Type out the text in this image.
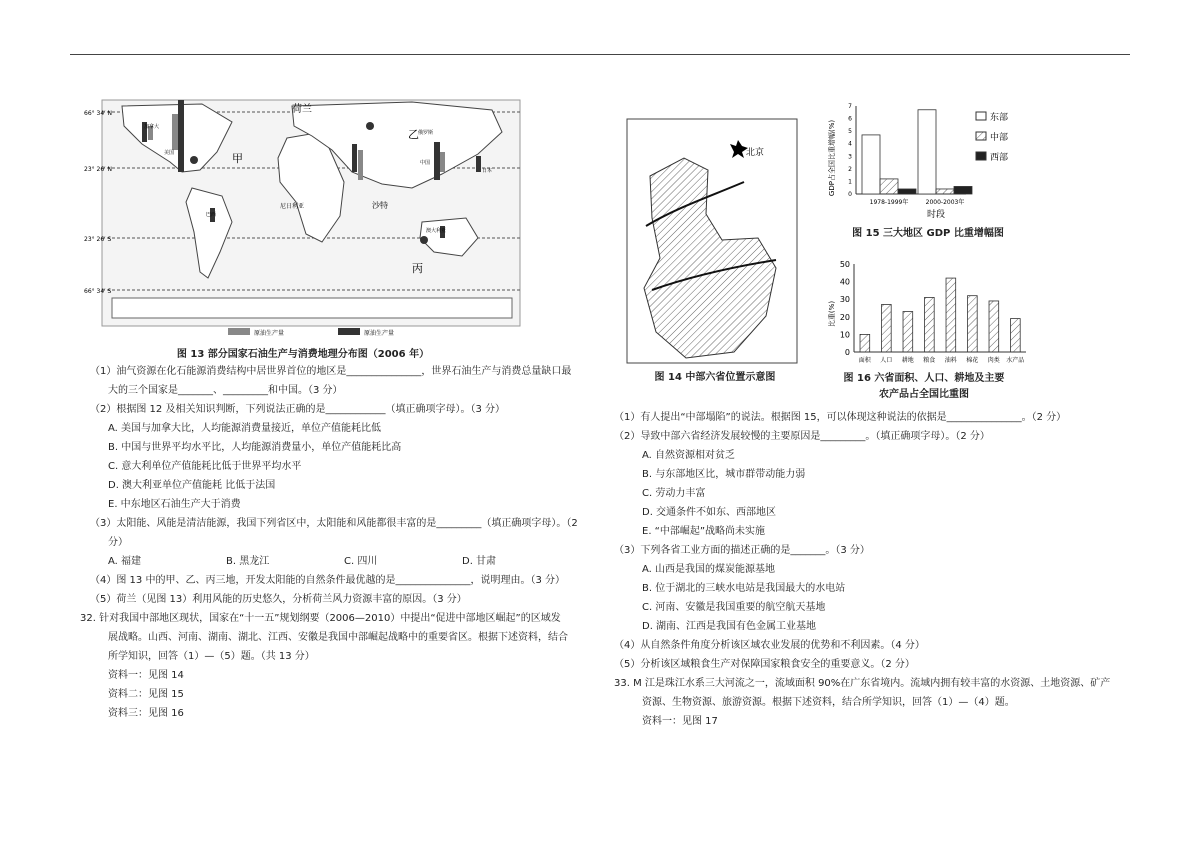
66° 34′ N
23° 26′ N
23° 26′ S
66° 34′ S
荷兰
乙
甲
沙特
丙
加拿大
美国
俄罗斯
中国
日本
巴西
澳大利亚
尼日利亚
原油生产量	原油生产量
图 13 部分国家石油生产与消费地理分布图（2006 年）

（1）油气资源在化石能源消费结构中居世界首位的地区是_______________，世界石油生产与消费总量缺口最

大的三个国家是_______、_________和中国。（3 分）

（2）根据图 12 及相关知识判断，下列说法正确的是____________（填正确项字母）。（3 分）

A. 美国与加拿大比，人均能源消费量接近，单位产值能耗比低

B. 中国与世界平均水平比，人均能源消费量小，单位产值能耗比高

C. 意大利单位产值能耗比低于世界平均水平

D. 澳大利亚单位产值能耗 比低于法国

E. 中东地区石油生产大于消费

（3）太阳能、风能是清洁能源，我国下列省区中，太阳能和风能都很丰富的是_________（填正确项字母）。（2

分）

A. 福建	B. 黑龙江	C. 四川	D. 甘肃

（4）图 13 中的甲、乙、丙三地，开发太阳能的自然条件最优越的是_______________，说明理由。（3 分）

（5）荷兰（见图 13）利用风能的历史悠久，分析荷兰风力资源丰富的原因。（3 分）

32. 针对我国中部地区现状，国家在“十一五”规划纲要（2006—2010）中提出“促进中部地区崛起”的区域发

展战略。山西、河南、湖南、湖北、江西、安徽是我国中部崛起战略中的重要省区。根据下述资料，结合

所学知识，回答（1）—（5）题。（共 13 分）

资料一：见图 14

资料二：见图 15

资料三：见图 16

北京
图 14 中部六省位置示意图
GDP占全国比重增幅(%)
时段
东部
中部
西部
0
1
2
3
4
5
6
7
1978-1999年	2000-2003年
图 15 三大地区 GDP 比重增幅图
比重(%)
0
10
20
30
40
50
面积 人口 耕地 粮食 油料 棉花 肉类 水产品
图 16 六省面积、人口、耕地及主要
农产品占全国比重图

（1）有人提出“中部塌陷”的说法。根据图 15，可以体现这种说法的依据是_______________。（2 分）

（2）导致中部六省经济发展较慢的主要原因是_________。（填正确项字母）。（2 分）

A. 自然资源相对贫乏

B. 与东部地区比，城市群带动能力弱

C. 劳动力丰富

D. 交通条件不如东、西部地区

E. “中部崛起”战略尚未实施

（3）下列各省工业方面的描述正确的是_______。（3 分）

A. 山西是我国的煤炭能源基地

B. 位于湖北的三峡水电站是我国最大的水电站

C. 河南、安徽是我国重要的航空航天基地

D. 湖南、江西是我国有色金属工业基地

（4）从自然条件角度分析该区域农业发展的优势和不利因素。（4 分）

（5）分析该区域粮食生产对保障国家粮食安全的重要意义。（2 分）

33. M 江是珠江水系三大河流之一，流域面积 90%在广东省境内。流域内拥有较丰富的水资源、土地资源、矿产

资源、生物资源、旅游资源。根据下述资料，结合所学知识，回答（1）—（4）题。

资料一：见图 17
